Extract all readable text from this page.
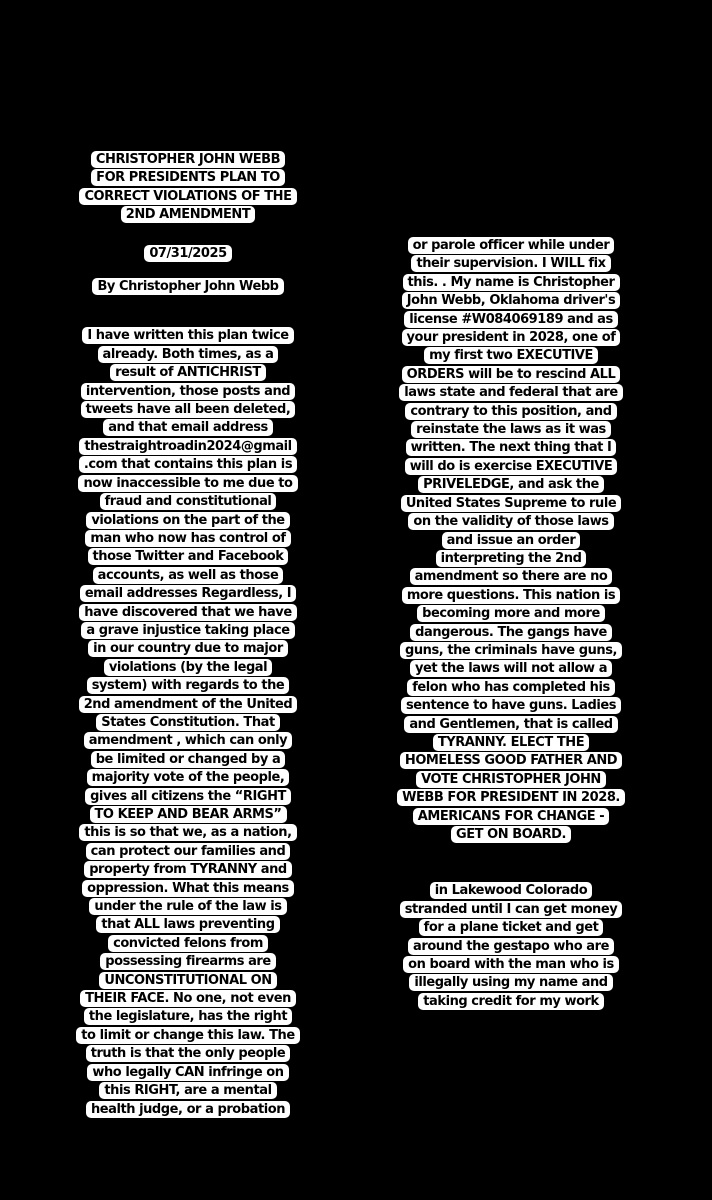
CHRISTOPHER JOHN WEBB
FOR PRESIDENTS PLAN TO
CORRECT VIOLATIONS OF THE
2ND AMENDMENT

07/31/2025

By Christopher John Webb

I have written this plan twice
already. Both times, as a
result of ANTICHRIST
intervention, those posts and
tweets have all been deleted,
and that email address
thestraightroadin2024@gmail
.com that contains this plan is
now inaccessible to me due to
fraud and constitutional
violations on the part of the
man who now has control of
those Twitter and Facebook
accounts, as well as those
email addresses Regardless, I
have discovered that we have
a grave injustice taking place
in our country due to major
violations (by the legal
system) with regards to the
2nd amendment of the United
States Constitution. That
amendment , which can only
be limited or changed by a
majority vote of the people,
gives all citizens the “RIGHT
TO KEEP AND BEAR ARMS”
this is so that we, as a nation,
can protect our families and
property from TYRANNY and
oppression. What this means
under the rule of the law is
that ALL laws preventing
convicted felons from
possessing firearms are
UNCONSTITUTIONAL ON
THEIR FACE. No one, not even
the legislature, has the right
to limit or change this law. The
truth is that the only people
who legally CAN infringe on
this RIGHT, are a mental
health judge, or a probation

or parole officer while under
their supervision. I WILL fix
this. . My name is Christopher
John Webb, Oklahoma driver's
license #W084069189 and as
your president in 2028, one of
my first two EXECUTIVE
ORDERS will be to rescind ALL
laws state and federal that are
contrary to this position, and
reinstate the laws as it was
written. The next thing that I
will do is exercise EXECUTIVE
PRIVELEDGE, and ask the
United States Supreme to rule
on the validity of those laws
and issue an order
interpreting the 2nd
amendment so there are no
more questions. This nation is
becoming more and more
dangerous. The gangs have
guns, the criminals have guns,
yet the laws will not allow a
felon who has completed his
sentence to have guns. Ladies
and Gentlemen, that is called
TYRANNY. ELECT THE
HOMELESS GOOD FATHER AND
VOTE CHRISTOPHER JOHN
WEBB FOR PRESIDENT IN 2028.
AMERICANS FOR CHANGE -
GET ON BOARD.

in Lakewood Colorado
stranded until I can get money
for a plane ticket and get
around the gestapo who are
on board with the man who is
illegally using my name and
taking credit for my work
